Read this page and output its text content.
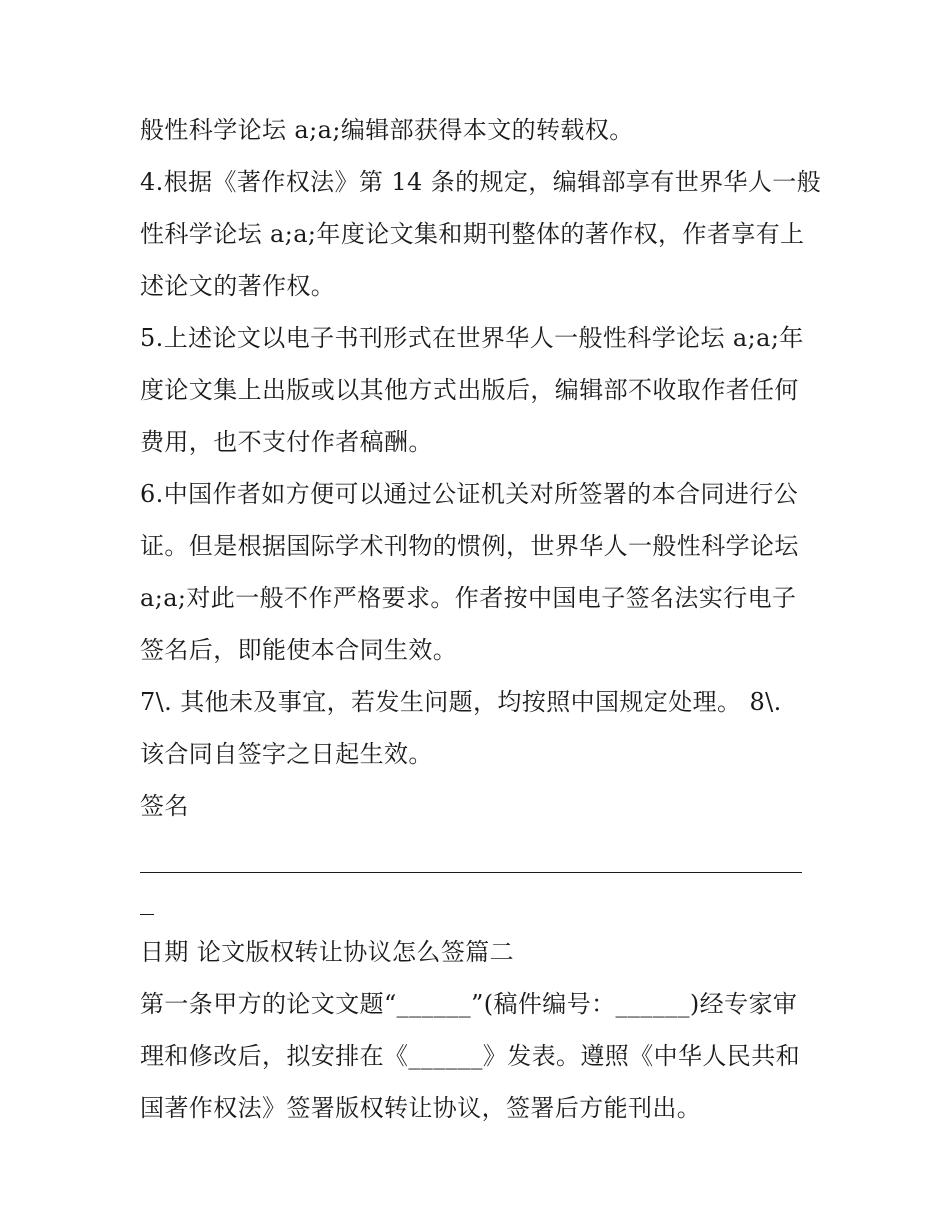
般性科学论坛 a;a;编辑部获得本文的转载权。
4.根据《著作权法》第 14 条的规定，编辑部享有世界华人一般
性科学论坛 a;a;年度论文集和期刊整体的著作权，作者享有上
述论文的著作权。
5.上述论文以电子书刊形式在世界华人一般性科学论坛 a;a;年
度论文集上出版或以其他方式出版后，编辑部不收取作者任何
费用，也不支付作者稿酬。
6.中国作者如方便可以通过公证机关对所签署的本合同进行公
证。但是根据国际学术刊物的惯例，世界华人一般性科学论坛
a;a;对此一般不作严格要求。作者按中国电子签名法实行电子
签名后，即能使本合同生效。
7\. 其他未及事宜，若发生问题，均按照中国规定处理。 8\.
该合同自签字之日起生效。
签名
日期 论文版权转让协议怎么签篇二
第一条甲方的论文文题“______”(稿件编号：______)经专家审
理和修改后，拟安排在《______》发表。遵照《中华人民共和
国著作权法》签署版权转让协议，签署后方能刊出。
